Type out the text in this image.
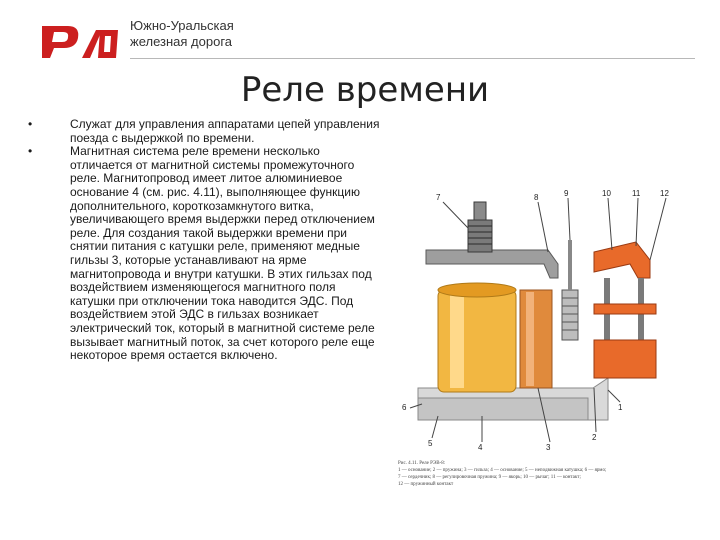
Южно-Уральская
железная дорога
Реле времени
•	Служат для управления аппаратами цепей управления поезда с выдержкой по времени.
•	Магнитная система реле времени несколько отличается от магнитной системы промежуточного реле. Магнитопровод имеет литое алюминиевое основание 4 (см. рис. 4.11), выполняющее функцию дополнительного, короткозамкнутого витка, увеличивающего время выдержки перед отключением реле. Для создания такой выдержки времени при снятии питания с катушки реле, применяют медные гильзы 3, которые устанавливают на ярме магнитопровода и внутри катушки. В этих гильзах под воздействием изменяющегося магнитного поля катушки при отключении тока наводится ЭДС. Под воздействием этой ЭДС в гильзах возникает электрический ток, который в магнитной системе реле вызывает магнитный поток, за счет которого реле еще некоторое время остается включено.
7	8	9	10	11 12
6
5	4	3
2
1
Рис. 4.11. Реле РЭВ-8:
1 — основание; 2 — пружина; 3 — гильза; 4 — основание; 5 — неподвижная катушка; 6 — ярмо;
7 — сердечник; 8 — регулировочная пружина; 9 — якорь; 10 — рычаг; 11 — контакт;
12 — пружинный контакт
